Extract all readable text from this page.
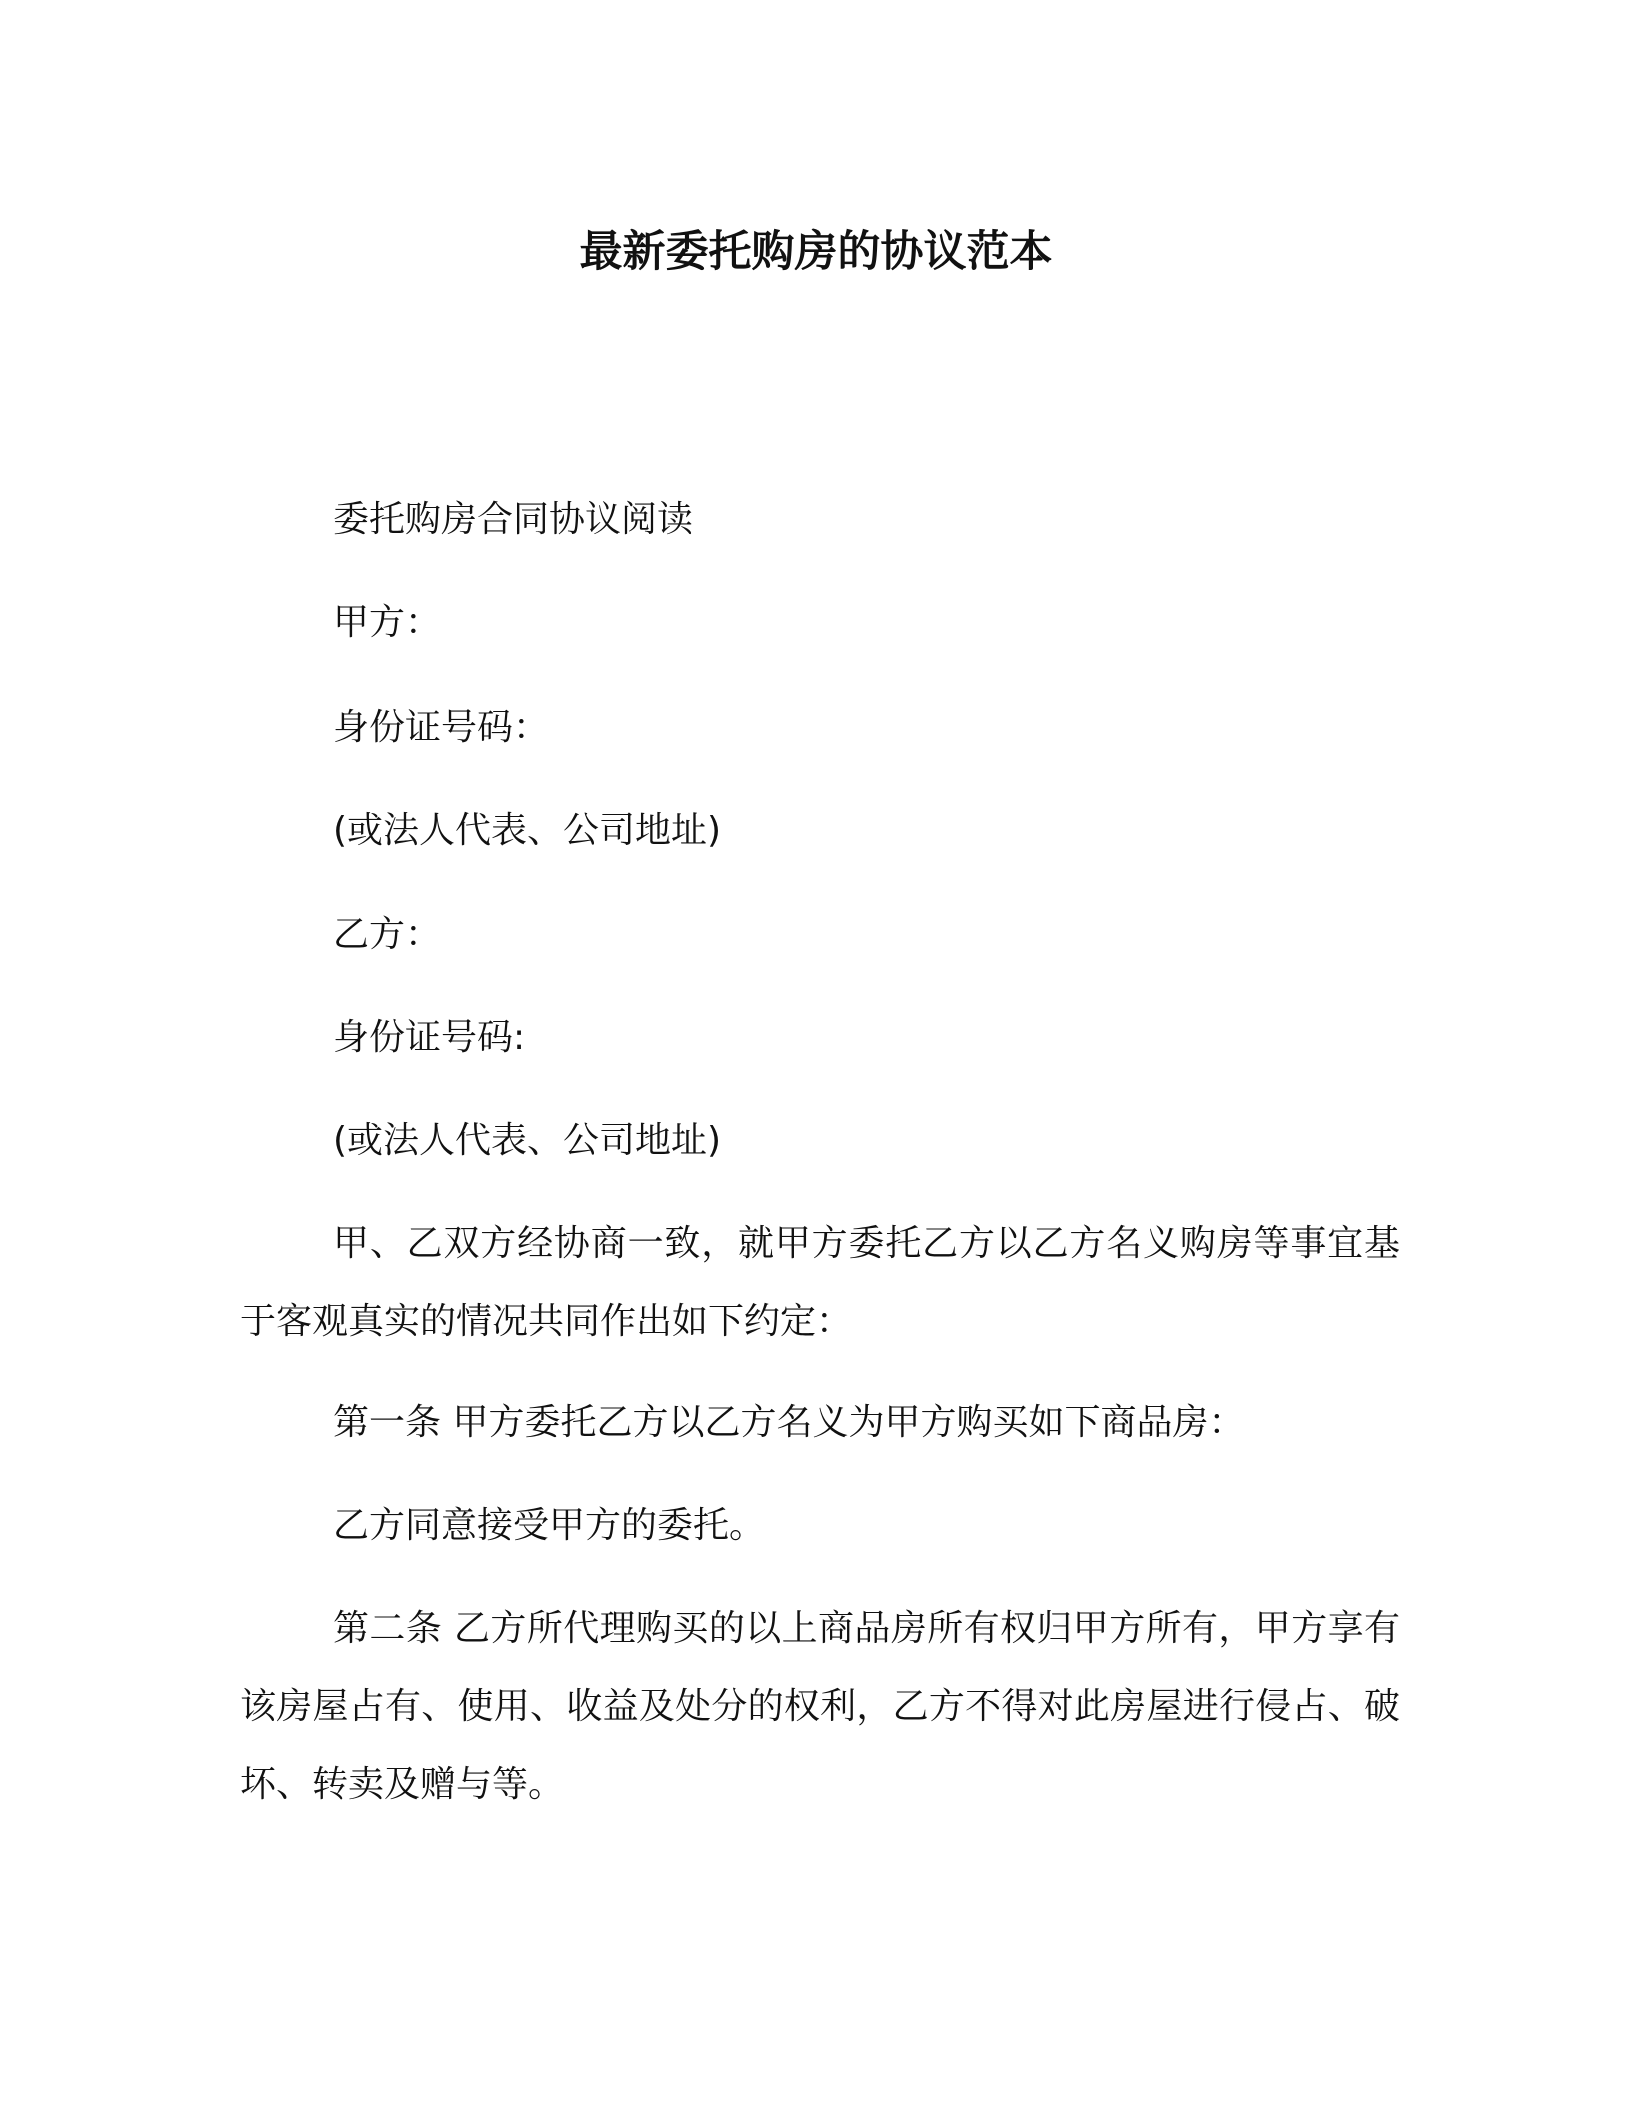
最新委托购房的协议范本
委托购房合同协议阅读
甲方：
身份证号码：
(或法人代表、公司地址)
乙方：
身份证号码:
(或法人代表、公司地址)
甲、乙双方经协商一致，就甲方委托乙方以乙方名义购房等事宜基于客观真实的情况共同作出如下约定：
第一条 甲方委托乙方以乙方名义为甲方购买如下商品房：
乙方同意接受甲方的委托。
第二条 乙方所代理购买的以上商品房所有权归甲方所有，甲方享有该房屋占有、使用、收益及处分的权利，乙方不得对此房屋进行侵占、破坏、转卖及赠与等。
